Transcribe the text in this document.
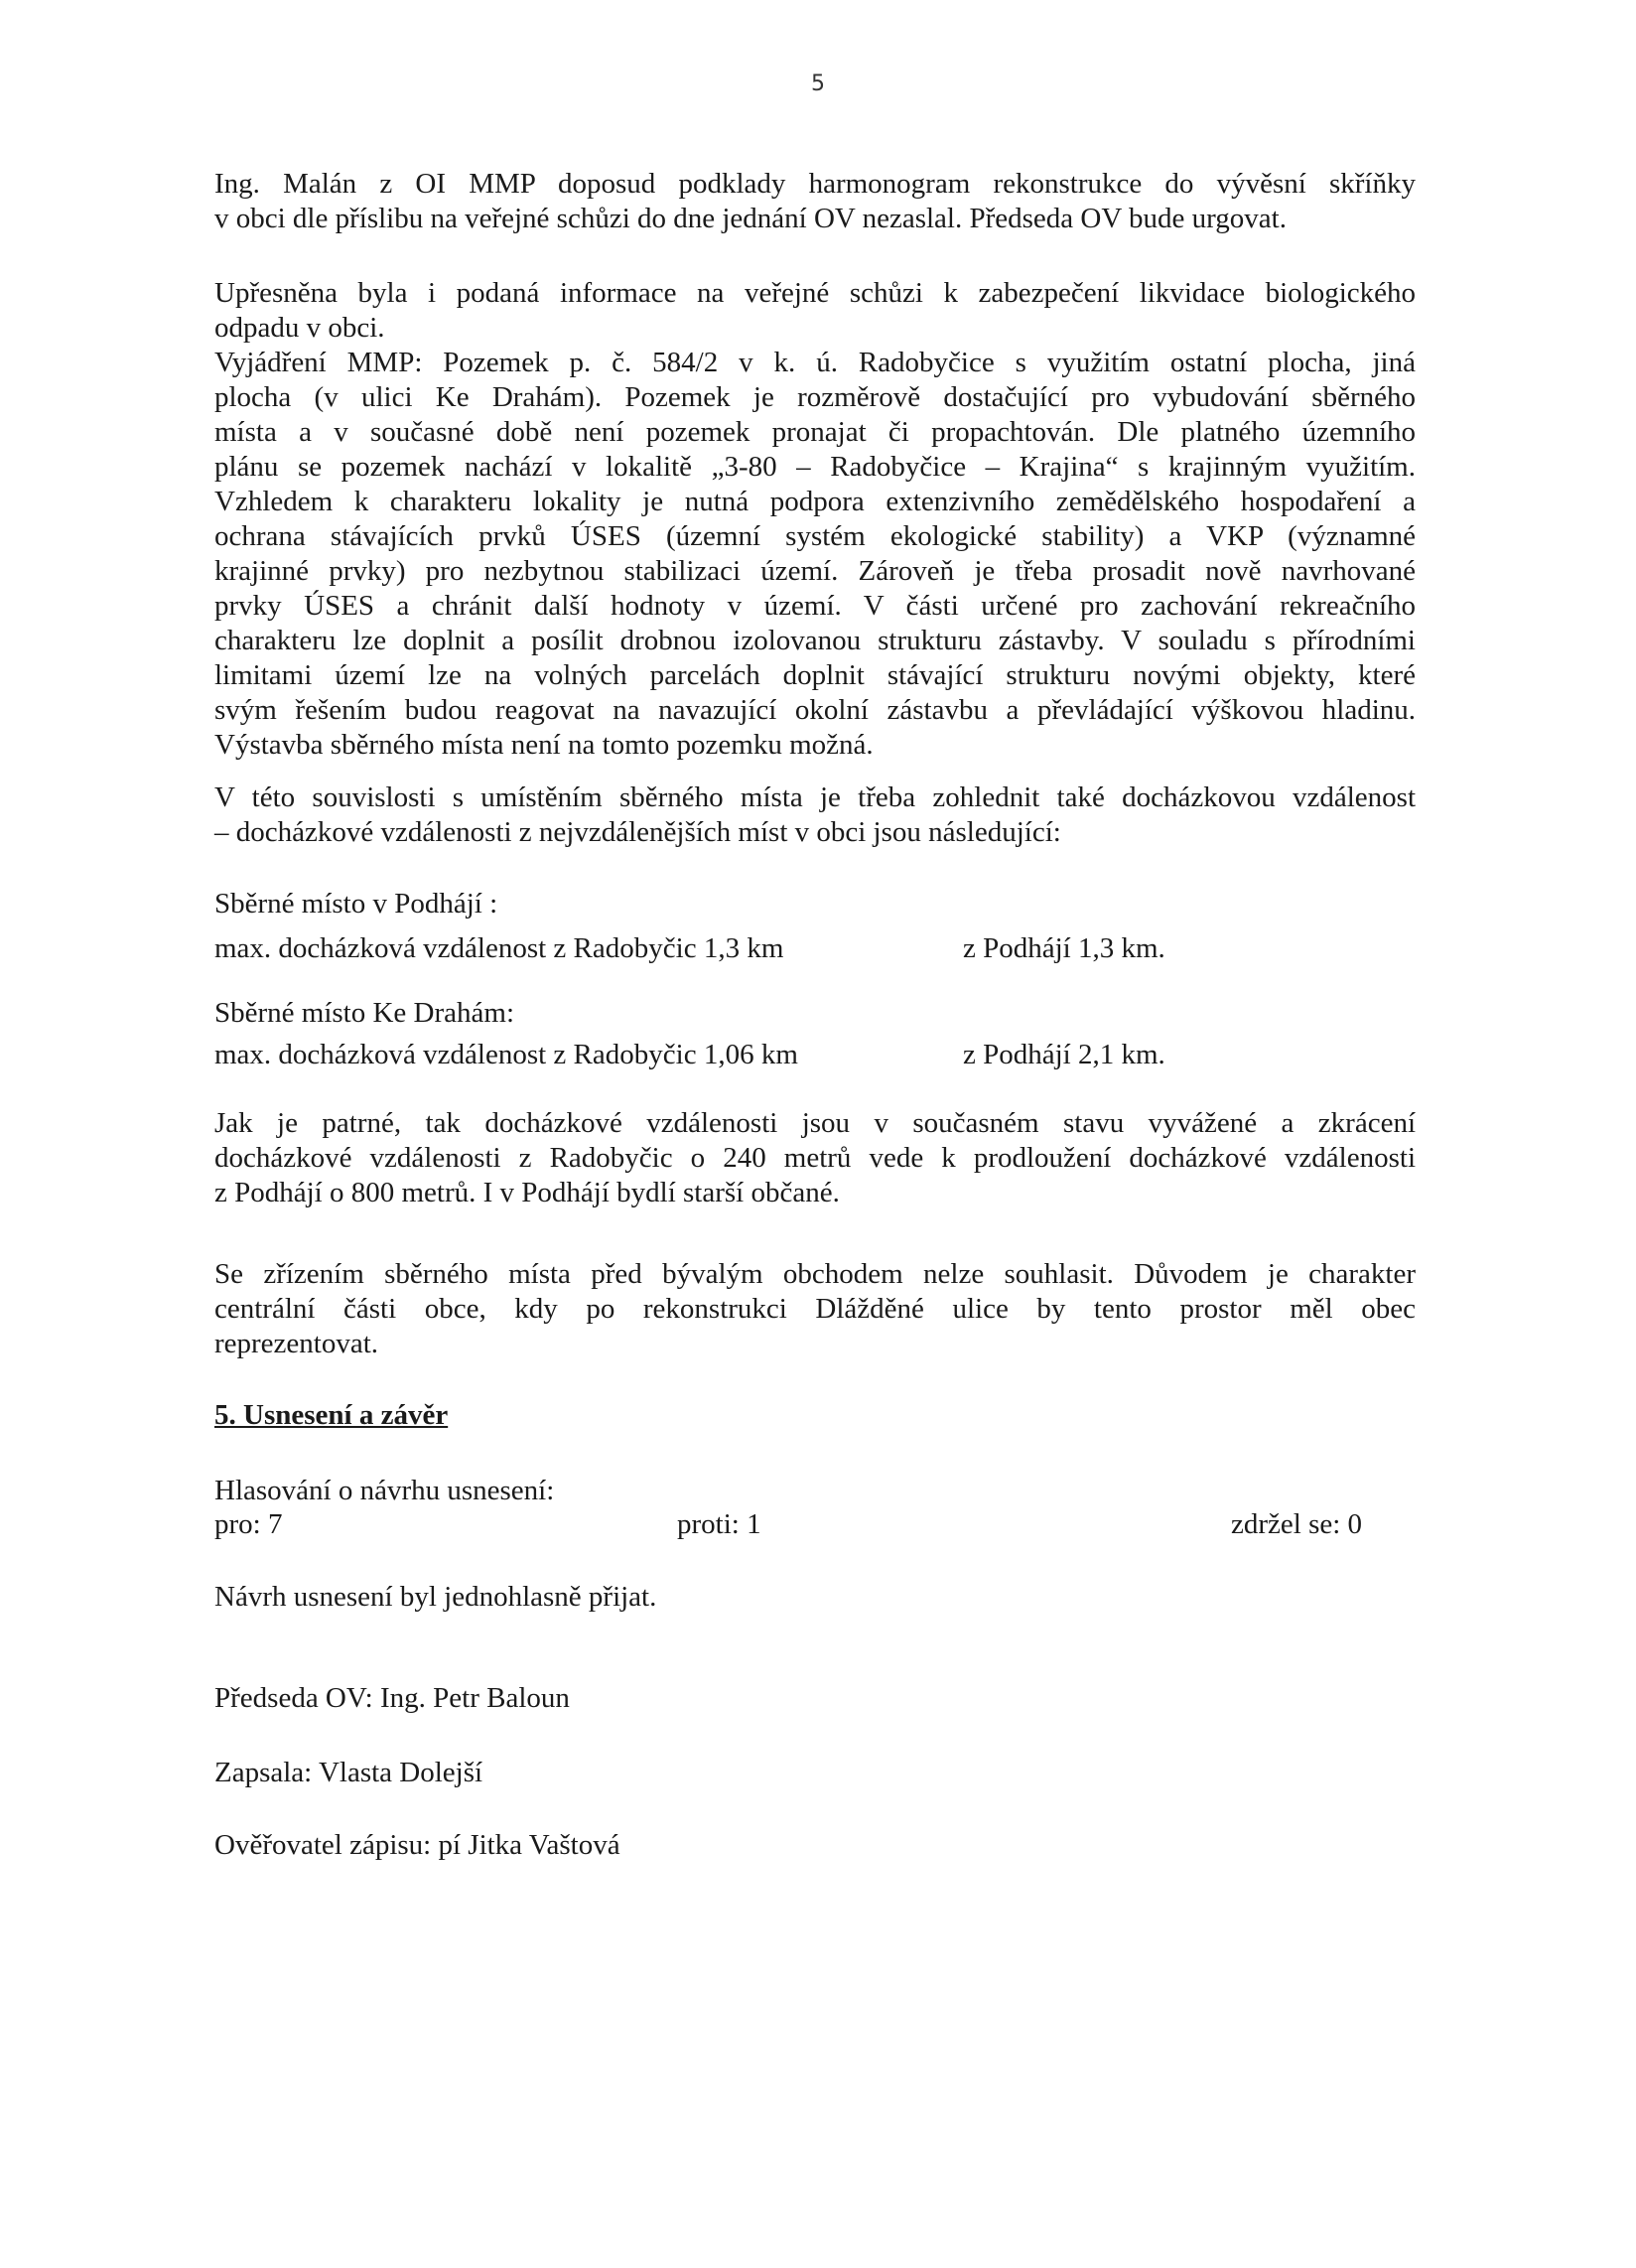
5
Ing. Malán z OI MMP doposud podklady harmonogram rekonstrukce do vývěsní skříňky
v obci dle příslibu na veřejné schůzi do dne jednání OV nezaslal. Předseda OV bude urgovat.
Upřesněna byla i podaná informace na veřejné schůzi k zabezpečení likvidace biologického
odpadu v obci.
Vyjádření MMP: Pozemek p. č. 584/2 v k. ú. Radobyčice s využitím ostatní plocha, jiná
plocha (v ulici Ke Drahám). Pozemek je rozměrově dostačující pro vybudování sběrného
místa a v současné době není pozemek pronajat či propachtován. Dle platného územního
plánu se pozemek nachází v lokalitě „3-80 – Radobyčice – Krajina“ s krajinným využitím.
Vzhledem k charakteru lokality je nutná podpora extenzivního zemědělského hospodaření a
ochrana stávajících prvků ÚSES (územní systém ekologické stability) a VKP (významné
krajinné prvky) pro nezbytnou stabilizaci území. Zároveň je třeba prosadit nově navrhované
prvky ÚSES a chránit další hodnoty v území. V části určené pro zachování rekreačního
charakteru lze doplnit a posílit drobnou izolovanou strukturu zástavby. V souladu s přírodními
limitami území lze na volných parcelách doplnit stávající strukturu novými objekty, které
svým řešením budou reagovat na navazující okolní zástavbu a převládající výškovou hladinu.
Výstavba sběrného místa není na tomto pozemku možná.
V této souvislosti s umístěním sběrného místa je třeba zohlednit také docházkovou vzdálenost
– docházkové vzdálenosti z nejvzdálenějších míst v obci jsou následující:
Sběrné místo v Podhájí :
max. docházková vzdálenost z Radobyčic 1,3 km	z Podhájí 1,3 km.
Sběrné místo Ke Drahám:
max. docházková vzdálenost z Radobyčic 1,06 km	z Podhájí 2,1 km.
Jak je patrné, tak docházkové vzdálenosti jsou v současném stavu vyvážené a zkrácení
docházkové vzdálenosti z Radobyčic o 240 metrů vede k prodloužení docházkové vzdálenosti
z Podhájí o 800 metrů. I v Podhájí bydlí starší občané.
Se zřízením sběrného místa před bývalým obchodem nelze souhlasit. Důvodem je charakter
centrální části obce, kdy po rekonstrukci Dlážděné ulice by tento prostor měl obec
reprezentovat.
5. Usnesení a závěr
Hlasování o návrhu usnesení:
pro: 7	proti: 1	zdržel se: 0
Návrh usnesení byl jednohlasně přijat.
Předseda OV: Ing. Petr Baloun
Zapsala: Vlasta Dolejší
Ověřovatel zápisu: pí Jitka Vaštová
